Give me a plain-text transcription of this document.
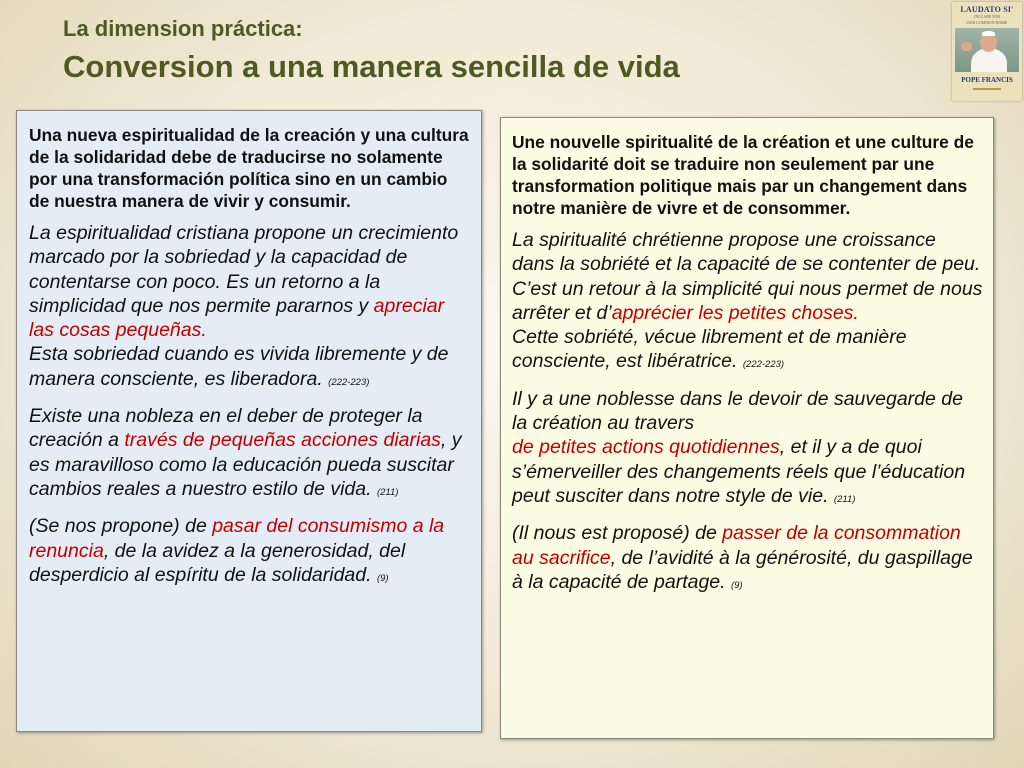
La dimension práctica:
Conversion a una manera sencilla de vida
LAUDATO SI'
ON CARE FOR
OUR COMMON HOME
POPE FRANCIS

Una nueva espiritualidad de la creación y una cultura de la solidaridad debe de traducirse no solamente por una transformación política sino en un cambio de nuestra manera de vivir y consumir.

La espiritualidad cristiana propone un crecimiento marcado por la sobriedad y la capacidad de contentarse con poco. Es un retorno a la simplicidad que nos permite pararnos y apreciar las cosas pequeñas.
Esta sobriedad cuando es vivida libremente y de manera consciente, es liberadora. (222-223)

Existe una nobleza en el deber de proteger la creación a través de pequeñas acciones diarias, y es maravilloso como la educación pueda suscitar cambios reales a nuestro estilo de vida. (211)

(Se nos propone) de pasar del consumismo a la renuncia, de la avidez a la generosidad, del desperdicio al espíritu de la solidaridad. (9)

Une nouvelle spiritualité de la création et une culture de la solidarité doit se traduire non seulement par une transformation politique mais par un changement dans notre manière de vivre et de consommer.

La spiritualité chrétienne propose une croissance dans la sobriété et la capacité de se contenter de peu. C’est un retour à la simplicité qui nous permet de nous arrêter et d’apprécier les petites choses.
Cette sobriété, vécue librement et de manière consciente, est libératrice. (222-223)

Il y a une noblesse dans le devoir de sauvegarde de la création au travers
de petites actions quotidiennes, et il y a de quoi s’émerveiller des changements réels que l’éducation peut susciter dans notre style de vie. (211)

(Il nous est proposé) de passer de la consommation au sacrifice, de l’avidité à la générosité, du gaspillage à la capacité de partage. (9)
